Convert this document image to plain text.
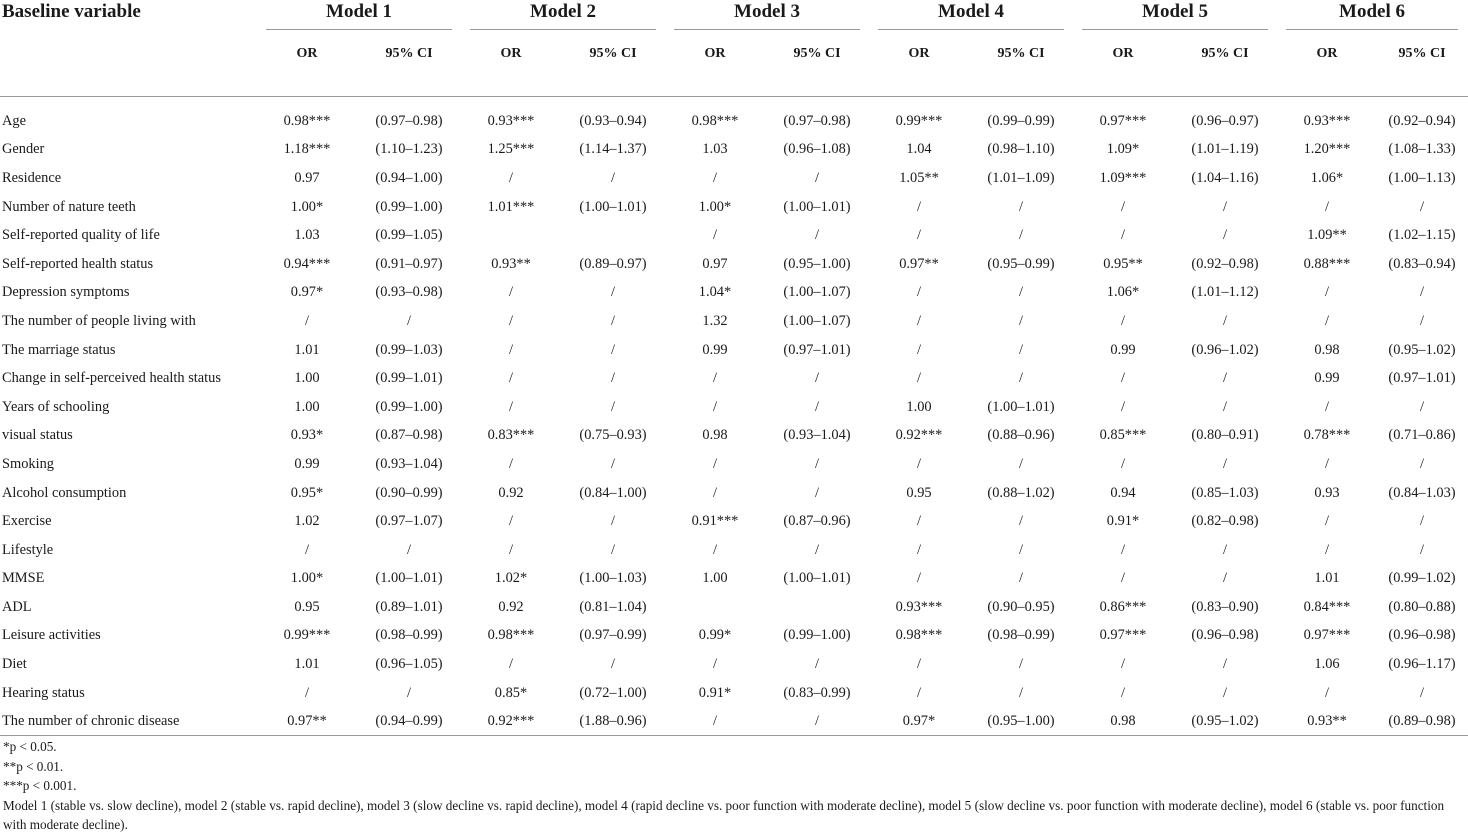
Baseline variable	Model 1		Model 2		Model 3		Model 4		Model 5		Model 6	

	OR	95% CI	OR	95% CI	OR	95% CI	OR	95% CI	OR	95% CI	OR	95% CI

Age	0.98***	(0.97–0.98)	0.93***	(0.93–0.94)	0.98***	(0.97–0.98)	0.99***	(0.99–0.99)	0.97***	(0.96–0.97)	0.93***	(0.92–0.94)
Gender	1.18***	(1.10–1.23)	1.25***	(1.14–1.37)	1.03	(0.96–1.08)	1.04	(0.98–1.10)	1.09*	(1.01–1.19)	1.20***	(1.08–1.33)
Residence	0.97	(0.94–1.00)	/	/	/	/	1.05**	(1.01–1.09)	1.09***	(1.04–1.16)	1.06*	(1.00–1.13)
Number of nature teeth	1.00*	(0.99–1.00)	1.01***	(1.00–1.01)	1.00*	(1.00–1.01)	/	/	/	/	/	/
Self-reported quality of life	1.03	(0.99–1.05)			/	/	/	/	/	/	1.09**	(1.02–1.15)
Self-reported health status	0.94***	(0.91–0.97)	0.93**	(0.89–0.97)	0.97	(0.95–1.00)	0.97**	(0.95–0.99)	0.95**	(0.92–0.98)	0.88***	(0.83–0.94)
Depression symptoms	0.97*	(0.93–0.98)	/	/	1.04*	(1.00–1.07)	/	/	1.06*	(1.01–1.12)	/	/
The number of people living with	/	/	/	/	1.32	(1.00–1.07)	/	/	/	/	/	/
The marriage status	1.01	(0.99–1.03)	/	/	0.99	(0.97–1.01)	/	/	0.99	(0.96–1.02)	0.98	(0.95–1.02)
Change in self-perceived health status	1.00	(0.99–1.01)	/	/	/	/	/	/	/	/	0.99	(0.97–1.01)
Years of schooling	1.00	(0.99–1.00)	/	/	/	/	1.00	(1.00–1.01)	/	/	/	/
visual status	0.93*	(0.87–0.98)	0.83***	(0.75–0.93)	0.98	(0.93–1.04)	0.92***	(0.88–0.96)	0.85***	(0.80–0.91)	0.78***	(0.71–0.86)
Smoking	0.99	(0.93–1.04)	/	/	/	/	/	/	/	/	/	/
Alcohol consumption	0.95*	(0.90–0.99)	0.92	(0.84–1.00)	/	/	0.95	(0.88–1.02)	0.94	(0.85–1.03)	0.93	(0.84–1.03)
Exercise	1.02	(0.97–1.07)	/	/	0.91***	(0.87–0.96)	/	/	0.91*	(0.82–0.98)	/	/
Lifestyle	/	/	/	/	/	/	/	/	/	/	/	/
MMSE	1.00*	(1.00–1.01)	1.02*	(1.00–1.03)	1.00	(1.00–1.01)	/	/	/	/	1.01	(0.99–1.02)
ADL	0.95	(0.89–1.01)	0.92	(0.81–1.04)			0.93***	(0.90–0.95)	0.86***	(0.83–0.90)	0.84***	(0.80–0.88)
Leisure activities	0.99***	(0.98–0.99)	0.98***	(0.97–0.99)	0.99*	(0.99–1.00)	0.98***	(0.98–0.99)	0.97***	(0.96–0.98)	0.97***	(0.96–0.98)
Diet	1.01	(0.96–1.05)	/	/	/	/	/	/	/	/	1.06	(0.96–1.17)
Hearing status	/	/	0.85*	(0.72–1.00)	0.91*	(0.83–0.99)	/	/	/	/	/	/
The number of chronic disease	0.97**	(0.94–0.99)	0.92***	(1.88–0.96)	/	/	0.97*	(0.95–1.00)	0.98	(0.95–1.02)	0.93**	(0.89–0.98)
*p < 0.05.
**p < 0.01.
***p < 0.001.
Model 1 (stable vs. slow decline), model 2 (stable vs. rapid decline), model 3 (slow decline vs. rapid decline), model 4 (rapid decline vs. poor function with moderate decline), model 5 (slow decline vs. poor function with moderate decline), model 6 (stable vs. poor function with moderate decline).
